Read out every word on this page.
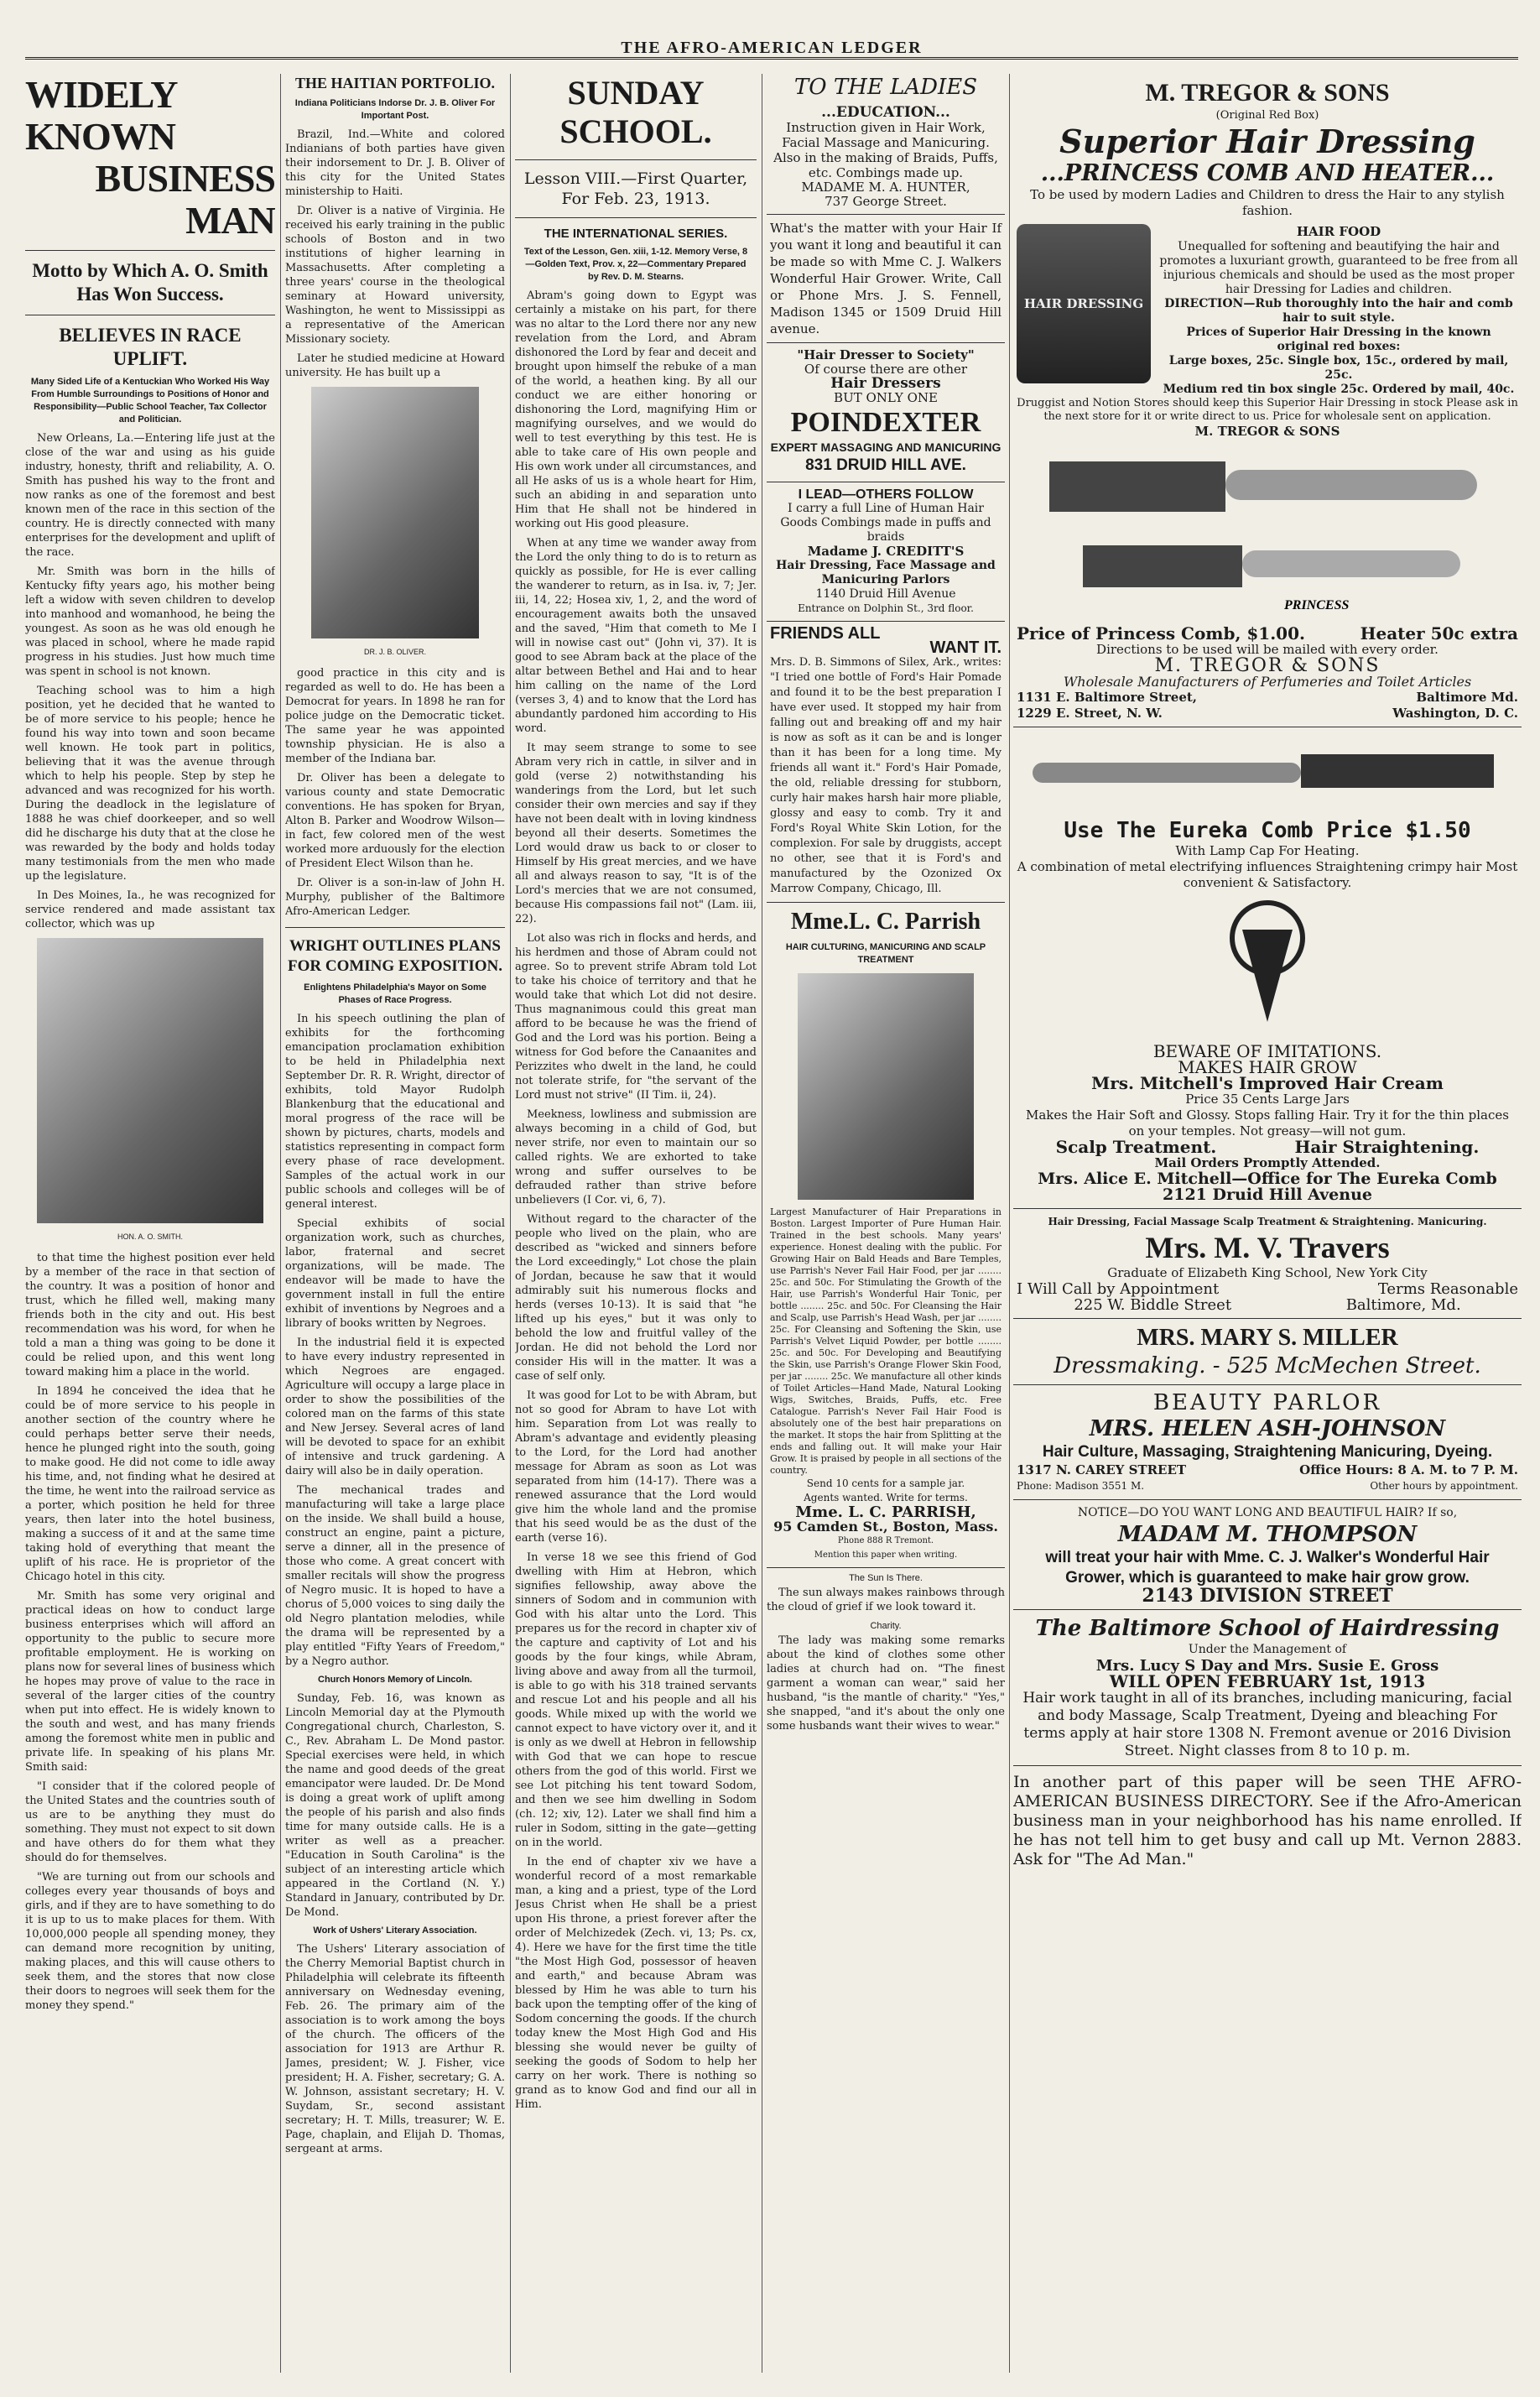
THE AFRO-AMERICAN LEDGER
WIDELY KNOWN
BUSINESS MAN
Motto by Which A. O. Smith Has Won Success.
BELIEVES IN RACE UPLIFT.
Many Sided Life of a Kentuckian Who Worked His Way From Humble Surroundings to Positions of Honor and Responsibility—Public School Teacher, Tax Collector and Politician.

New Orleans, La.—Entering life just at the close of the war and using as his guide industry, honesty, thrift and reliability, A. O. Smith has pushed his way to the front and now ranks as one of the foremost and best known men of the race in this section of the country. He is directly connected with many enterprises for the development and uplift of the race.

Mr. Smith was born in the hills of Kentucky fifty years ago, his mother being left a widow with seven children to develop into manhood and womanhood, he being the youngest. As soon as he was old enough he was placed in school, where he made rapid progress in his studies. Just how much time was spent in school is not known.

Teaching school was to him a high position, yet he decided that he wanted to be of more service to his people; hence he found his way into town and soon became well known. He took part in politics, believing that it was the avenue through which to help his people. Step by step he advanced and was recognized for his worth. During the deadlock in the legislature of 1888 he was chief doorkeeper, and so well did he discharge his duty that at the close he was rewarded by the body and holds today many testimonials from the men who made up the legislature.

In Des Moines, Ia., he was recognized for service rendered and made assistant tax collector, which was up

HON. A. O. SMITH.

to that time the highest position ever held by a member of the race in that section of the country. It was a position of honor and trust, which he filled well, making many friends both in the city and out. His best recommendation was his word, for when he told a man a thing was going to be done it could be relied upon, and this went long toward making him a place in the world.

In 1894 he conceived the idea that he could be of more service to his people in another section of the country where he could perhaps better serve their needs, hence he plunged right into the south, going to make good. He did not come to idle away his time, and, not finding what he desired at the time, he went into the railroad service as a porter, which position he held for three years, then later into the hotel business, making a success of it and at the same time taking hold of everything that meant the uplift of his race. He is proprietor of the Chicago hotel in this city.

Mr. Smith has some very original and practical ideas on how to conduct large business enterprises which will afford an opportunity to the public to secure more profitable employment. He is working on plans now for several lines of business which he hopes may prove of value to the race in several of the larger cities of the country when put into effect. He is widely known to the south and west, and has many friends among the foremost white men in public and private life. In speaking of his plans Mr. Smith said:

"I consider that if the colored people of the United States and the countries south of us are to be anything they must do something. They must not expect to sit down and have others do for them what they should do for themselves.

"We are turning out from our schools and colleges every year thousands of boys and girls, and if they are to have something to do it is up to us to make places for them. With 10,000,000 people all spending money, they can demand more recognition by uniting, making places, and this will cause others to seek them, and the stores that now close their doors to negroes will seek them for the money they spend."

THE HAITIAN PORTFOLIO.
Indiana Politicians Indorse Dr. J. B. Oliver For Important Post.

Brazil, Ind.—White and colored Indianians of both parties have given their indorsement to Dr. J. B. Oliver of this city for the United States ministership to Haiti.

Dr. Oliver is a native of Virginia. He received his early training in the public schools of Boston and in two institutions of higher learning in Massachusetts. After completing a three years' course in the theological seminary at Howard university, Washington, he went to Mississippi as a representative of the American Missionary society.

Later he studied medicine at Howard university. He has built up a

DR. J. B. OLIVER.

good practice in this city and is regarded as well to do. He has been a Democrat for years. In 1898 he ran for police judge on the Democratic ticket. The same year he was appointed township physician. He is also a member of the Indiana bar.

Dr. Oliver has been a delegate to various county and state Democratic conventions. He has spoken for Bryan, Alton B. Parker and Woodrow Wilson—in fact, few colored men of the west worked more arduously for the election of President Elect Wilson than he.

Dr. Oliver is a son-in-law of John H. Murphy, publisher of the Baltimore Afro-American Ledger.

WRIGHT OUTLINES PLANS
FOR COMING EXPOSITION.
Enlightens Philadelphia's Mayor on Some Phases of Race Progress.

In his speech outlining the plan of exhibits for the forthcoming emancipation proclamation exhibition to be held in Philadelphia next September Dr. R. R. Wright, director of exhibits, told Mayor Rudolph Blankenburg that the educational and moral progress of the race will be shown by pictures, charts, models and statistics representing in compact form every phase of race development. Samples of the actual work in our public schools and colleges will be of general interest.

Special exhibits of social organization work, such as churches, labor, fraternal and secret organizations, will be made. The endeavor will be made to have the government install in full the entire exhibit of inventions by Negroes and a library of books written by Negroes.

In the industrial field it is expected to have every industry represented in which Negroes are engaged. Agriculture will occupy a large place in order to show the possibilities of the colored man on the farms of this state and New Jersey. Several acres of land will be devoted to space for an exhibit of intensive and truck gardening. A dairy will also be in daily operation.

The mechanical trades and manufacturing will take a large place on the inside. We shall build a house, construct an engine, paint a picture, serve a dinner, all in the presence of those who come. A great concert with smaller recitals will show the progress of Negro music. It is hoped to have a chorus of 5,000 voices to sing daily the old Negro plantation melodies, while the drama will be represented by a play entitled "Fifty Years of Freedom," by a Negro author.

Church Honors Memory of Lincoln.

Sunday, Feb. 16, was known as Lincoln Memorial day at the Plymouth Congregational church, Charleston, S. C., Rev. Abraham L. De Mond pastor. Special exercises were held, in which the name and good deeds of the great emancipator were lauded. Dr. De Mond is doing a great work of uplift among the people of his parish and also finds time for many outside calls. He is a writer as well as a preacher. "Education in South Carolina" is the subject of an interesting article which appeared in the Cortland (N. Y.) Standard in January, contributed by Dr. De Mond.

Work of Ushers' Literary Association.

The Ushers' Literary association of the Cherry Memorial Baptist church in Philadelphia will celebrate its fifteenth anniversary on Wednesday evening, Feb. 26. The primary aim of the association is to work among the boys of the church. The officers of the association for 1913 are Arthur R. James, president; W. J. Fisher, vice president; H. A. Fisher, secretary; G. A. W. Johnson, assistant secretary; H. V. Suydam, Sr., second assistant secretary; H. T. Mills, treasurer; W. E. Page, chaplain, and Elijah D. Thomas, sergeant at arms.

SUNDAY SCHOOL.
Lesson VIII.—First Quarter, For Feb. 23, 1913.
THE INTERNATIONAL SERIES.
Text of the Lesson, Gen. xiii, 1-12. Memory Verse, 8—Golden Text, Prov. x, 22—Commentary Prepared by Rev. D. M. Stearns.

Abram's going down to Egypt was certainly a mistake on his part, for there was no altar to the Lord there nor any new revelation from the Lord, and Abram dishonored the Lord by fear and deceit and brought upon himself the rebuke of a man of the world, a heathen king. By all our conduct we are either honoring or dishonoring the Lord, magnifying Him or magnifying ourselves, and we would do well to test everything by this test. He is able to take care of His own people and His own work under all circumstances, and all He asks of us is a whole heart for Him, such an abiding in and separation unto Him that He shall not be hindered in working out His good pleasure.

When at any time we wander away from the Lord the only thing to do is to return as quickly as possible, for He is ever calling the wanderer to return, as in Isa. iv, 7; Jer. iii, 14, 22; Hosea xiv, 1, 2, and the word of encouragement awaits both the unsaved and the saved, "Him that cometh to Me I will in nowise cast out" (John vi, 37). It is good to see Abram back at the place of the altar between Bethel and Hai and to hear him calling on the name of the Lord (verses 3, 4) and to know that the Lord has abundantly pardoned him according to His word.

It may seem strange to some to see Abram very rich in cattle, in silver and in gold (verse 2) notwithstanding his wanderings from the Lord, but let such consider their own mercies and say if they have not been dealt with in loving kindness beyond all their deserts. Sometimes the Lord would draw us back to or closer to Himself by His great mercies, and we have all and always reason to say, "It is of the Lord's mercies that we are not consumed, because His compassions fail not" (Lam. iii, 22).

Lot also was rich in flocks and herds, and his herdmen and those of Abram could not agree. So to prevent strife Abram told Lot to take his choice of territory and that he would take that which Lot did not desire. Thus magnanimous could this great man afford to be because he was the friend of God and the Lord was his portion. Being a witness for God before the Canaanites and Perizzites who dwelt in the land, he could not tolerate strife, for "the servant of the Lord must not strive" (II Tim. ii, 24).

Meekness, lowliness and submission are always becoming in a child of God, but never strife, nor even to maintain our so called rights. We are exhorted to take wrong and suffer ourselves to be defrauded rather than strive before unbelievers (I Cor. vi, 6, 7).

Without regard to the character of the people who lived on the plain, who are described as "wicked and sinners before the Lord exceedingly," Lot chose the plain of Jordan, because he saw that it would admirably suit his numerous flocks and herds (verses 10-13). It is said that "he lifted up his eyes," but it was only to behold the low and fruitful valley of the Jordan. He did not behold the Lord nor consider His will in the matter. It was a case of self only.

It was good for Lot to be with Abram, but not so good for Abram to have Lot with him. Separation from Lot was really to Abram's advantage and evidently pleasing to the Lord, for the Lord had another message for Abram as soon as Lot was separated from him (14-17). There was a renewed assurance that the Lord would give him the whole land and the promise that his seed would be as the dust of the earth (verse 16).

In verse 18 we see this friend of God dwelling with Him at Hebron, which signifies fellowship, away above the sinners of Sodom and in communion with God with his altar unto the Lord. This prepares us for the record in chapter xiv of the capture and captivity of Lot and his goods by the four kings, while Abram, living above and away from all the turmoil, is able to go with his 318 trained servants and rescue Lot and his people and all his goods. While mixed up with the world we cannot expect to have victory over it, and it is only as we dwell at Hebron in fellowship with God that we can hope to rescue others from the god of this world. First we see Lot pitching his tent toward Sodom, and then we see him dwelling in Sodom (ch. 12; xiv, 12). Later we shall find him a ruler in Sodom, sitting in the gate—getting on in the world.

In the end of chapter xiv we have a wonderful record of a most remarkable man, a king and a priest, type of the Lord Jesus Christ when He shall be a priest upon His throne, a priest forever after the order of Melchizedek (Zech. vi, 13; Ps. cx, 4). Here we have for the first time the title "the Most High God, possessor of heaven and earth," and because Abram was blessed by Him he was able to turn his back upon the tempting offer of the king of Sodom concerning the goods. If the church today knew the Most High God and His blessing she would never be guilty of seeking the goods of Sodom to help her carry on her work. There is nothing so grand as to know God and find our all in Him.

TO THE LADIES
...EDUCATION...
Instruction given in Hair Work, Facial Massage and Manicuring. Also in the making of Braids, Puffs, etc. Combings made up.
MADAME M. A. HUNTER,
737 George Street.
What's the matter with your Hair If you want it long and beautiful it can be made so with Mme C. J. Walkers Wonderful Hair Grower. Write, Call or Phone Mrs. J. S. Fennell, Madison 1345 or 1509 Druid Hill avenue.
"Hair Dresser to Society"
Of course there are other
Hair Dressers
BUT ONLY ONE
POINDEXTER
EXPERT MASSAGING AND MANICURING
831 DRUID HILL AVE.
I LEAD—OTHERS FOLLOW
I carry a full Line of Human Hair Goods Combings made in puffs and braids
Madame J. CREDITT'S
Hair Dressing, Face Massage and Manicuring Parlors
1140 Druid Hill Avenue
Entrance on Dolphin St., 3rd floor.
FRIENDS ALL
WANT IT.
Mrs. D. B. Simmons of Silex, Ark., writes: "I tried one bottle of Ford's Hair Pomade and found it to be the best preparation I have ever used. It stopped my hair from falling out and breaking off and my hair is now as soft as it can be and is longer than it has been for a long time. My friends all want it." Ford's Hair Pomade, the old, reliable dressing for stubborn, curly hair makes harsh hair more pliable, glossy and easy to comb. Try it and Ford's Royal White Skin Lotion, for the complexion. For sale by druggists, accept no other, see that it is Ford's and manufactured by the Ozonized Ox Marrow Company, Chicago, Ill.
Mme.L. C. Parrish
HAIR CULTURING, MANICURING AND SCALP TREATMENT
Largest Manufacturer of Hair Preparations in Boston. Largest Importer of Pure Human Hair. Trained in the best schools. Many years' experience. Honest dealing with the public. For Growing Hair on Bald Heads and Bare Temples, use Parrish's Never Fail Hair Food, per jar ........ 25c. and 50c. For Stimulating the Growth of the Hair, use Parrish's Wonderful Hair Tonic, per bottle ........ 25c. and 50c. For Cleansing the Hair and Scalp, use Parrish's Head Wash, per jar ........ 25c. For Cleansing and Softening the Skin, use Parrish's Velvet Liquid Powder, per bottle ........ 25c. and 50c. For Developing and Beautifying the Skin, use Parrish's Orange Flower Skin Food, per jar ........ 25c. We manufacture all other kinds of Toilet Articles—Hand Made, Natural Looking Wigs, Switches, Braids, Puffs, etc. Free Catalogue. Parrish's Never Fail Hair Food is absolutely one of the best hair preparations on the market. It stops the hair from Splitting at the ends and falling out. It will make your Hair Grow. It is praised by people in all sections of the country.
Send 10 cents for a sample jar.
Agents wanted. Write for terms.
Mme. L. C. PARRISH,
95 Camden St., Boston, Mass.
Phone 888 R Tremont.
Mention this paper when writing.
The Sun Is There.

The sun always makes rainbows through the cloud of grief if we look toward it.

Charity.

The lady was making some remarks about the kind of clothes some other ladies at church had on. "The finest garment a woman can wear," said her husband, "is the mantle of charity." "Yes," she snapped, "and it's about the only one some husbands want their wives to wear."

M. TREGOR & SONS
(Original Red Box)
Superior Hair Dressing
...PRINCESS COMB AND HEATER...
To be used by modern Ladies and Children to dress the Hair to any stylish fashion.
HAIR DRESSING
HAIR FOOD
Unequalled for softening and beautifying the hair and promotes a luxuriant growth, guaranteed to be free from all injurious chemicals and should be used as the most proper hair Dressing for Ladies and children.
DIRECTION—Rub thoroughly into the hair and comb hair to suit style.
Prices of Superior Hair Dressing in the known original red boxes:
Large boxes, 25c. Single box, 15c., ordered by mail, 25c.
Medium red tin box single 25c. Ordered by mail, 40c.
Druggist and Notion Stores should keep this Superior Hair Dressing in stock Please ask in the next store for it or write direct to us. Price for wholesale sent on application.
M. TREGOR & SONS
PRINCESS
Price of Princess Comb, $1.00.	Heater 50c extra
Directions to be used will be mailed with every order.
M. TREGOR & SONS
Wholesale Manufacturers of Perfumeries and Toilet Articles
1131 E. Baltimore Street,	Baltimore Md.
1229 E. Street, N. W.	Washington, D. C.
Use The Eureka Comb Price $1.50
With Lamp Cap For Heating.
A combination of metal electrifying influences Straightening crimpy hair Most convenient & Satisfactory.
BEWARE OF IMITATIONS.
MAKES HAIR GROW
Mrs. Mitchell's Improved Hair Cream
Price 35 Cents Large Jars
Makes the Hair Soft and Glossy. Stops falling Hair. Try it for the thin places on your temples. Not greasy—will not gum.
Scalp Treatment.	Hair Straightening.
Mail Orders Promptly Attended.
Mrs. Alice E. Mitchell—Office for The Eureka Comb
2121 Druid Hill Avenue
Hair Dressing, Facial Massage Scalp Treatment & Straightening. Manicuring.
Mrs. M. V. Travers
Graduate of Elizabeth King School, New York City
I Will Call by Appointment	Terms Reasonable
225 W. Biddle Street	Baltimore, Md.
MRS. MARY S. MILLER
Dressmaking. - 525 McMechen Street.
BEAUTY PARLOR
MRS. HELEN ASH-JOHNSON
Hair Culture, Massaging, Straightening Manicuring, Dyeing.
1317 N. CAREY STREET	Office Hours: 8 A. M. to 7 P. M.
Phone: Madison 3551 M.	Other hours by appointment.
NOTICE—DO YOU WANT LONG AND BEAUTIFUL HAIR? If so,
MADAM M. THOMPSON
will treat your hair with Mme. C. J. Walker's Wonderful Hair Grower, which is guaranteed to make hair grow grow.
2143 DIVISION STREET
The Baltimore School of Hairdressing
Under the Management of
Mrs. Lucy S Day and Mrs. Susie E. Gross
WILL OPEN FEBRUARY 1st, 1913
Hair work taught in all of its branches, including manicuring, facial and body Massage, Scalp Treatment, Dyeing and bleaching For terms apply at hair store 1308 N. Fremont avenue or 2016 Division Street. Night classes from 8 to 10 p. m.
In another part of this paper will be seen THE AFRO-AMERICAN BUSINESS DIRECTORY. See if the Afro-American business man in your neighborhood has his name enrolled. If he has not tell him to get busy and call up Mt. Vernon 2883. Ask for "The Ad Man."
